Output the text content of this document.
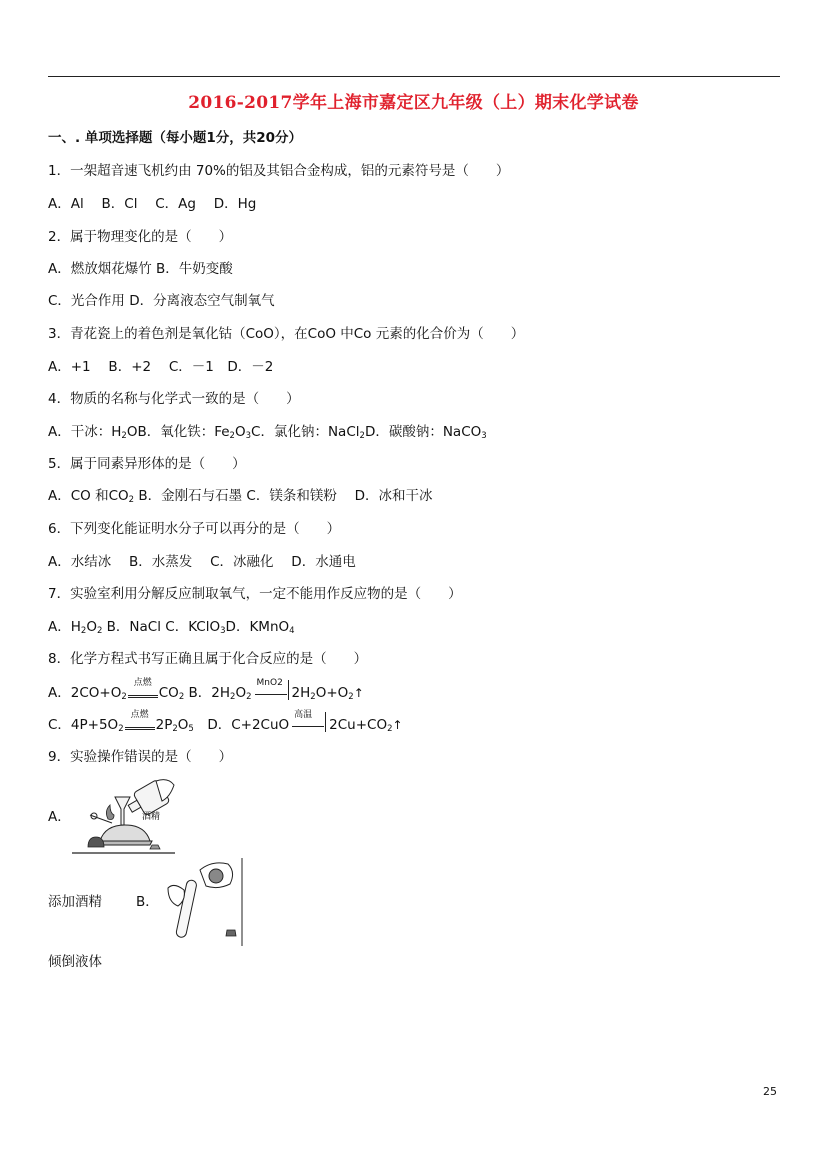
2016-2017学年上海市嘉定区九年级（上）期末化学试卷
一、. 单项选择题（每小题1分，共20分）
1．一架超音速飞机约由 70%的铝及其铝合金构成，铝的元素符号是（　　）
A．Al　 B．Cl　 C．Ag　 D．Hg
2．属于物理变化的是（　　）
A．燃放烟花爆竹 B．牛奶变酸
C．光合作用 D．分离液态空气制氧气
3．青花瓷上的着色剂是氧化钴（CoO），在CoO 中Co 元素的化合价为（　　）
A．+1　 B．+2　 C．－1　D．－2
4．物质的名称与化学式一致的是（　　）
A．干冰：$H_2OB$．氧化铁：$Fe_2O_3C$．氯化钠：NaCl$_2$D．碳酸钠：NaCO$_3$
5．属于同素异形体的是（　　）
A．CO 和$CO_2$ B．金刚石与石墨 C．镁条和镁粉　 D．冰和干冰
6．下列变化能证明水分子可以再分的是（　　）
A．水结冰　 B．水蒸发　 C．冰融化　 D．水通电
7．实验室利用分解反应制取氧气，一定不能用作反应物的是（　　）
A．$H_2O_2$ B．NaCl C．KClO$_3$D．KMnO$_4$
8．化学方程式书写正确且属于化合反应的是（　　）
A．$2CO+O_2$
点燃
$CO_2$ B．$2H_2O_2$
MnO2
$2H_2O+O_2↑$
C．$4P+5O_2$
点燃
$2P_2O_5$　D．C+2CuO
高温
$2Cu+CO_2↑$
9．实验操作错误的是（　　）
A．	酒精
添加酒精	B．
倾倒液体
25
